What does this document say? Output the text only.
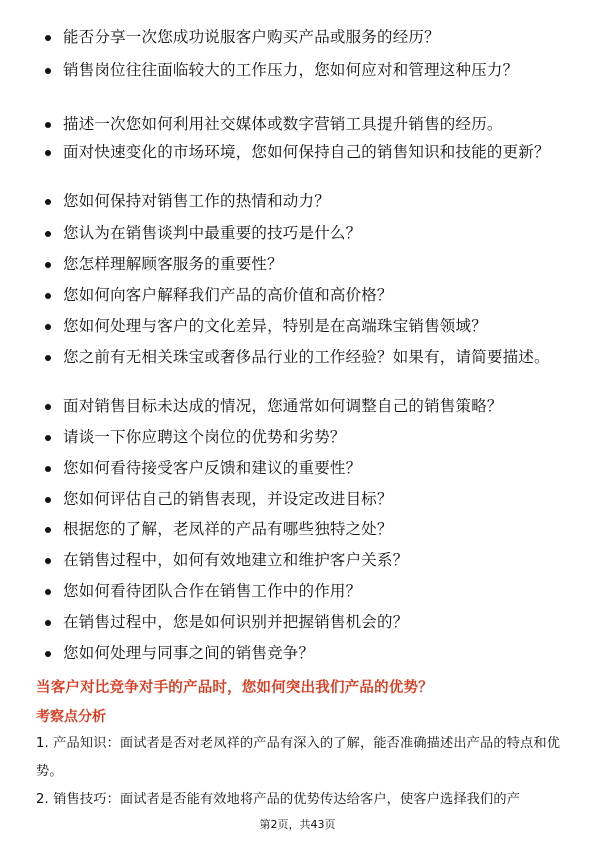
能否分享一次您成功说服客户购买产品或服务的经历？
销售岗位往往面临较大的工作压力，您如何应对和管理这种压力？
描述一次您如何利用社交媒体或数字营销工具提升销售的经历。
面对快速变化的市场环境，您如何保持自己的销售知识和技能的更新？
您如何保持对销售工作的热情和动力？
您认为在销售谈判中最重要的技巧是什么？
您怎样理解顾客服务的重要性？
您如何向客户解释我们产品的高价值和高价格？
您如何处理与客户的文化差异，特别是在高端珠宝销售领域？
您之前有无相关珠宝或奢侈品行业的工作经验？如果有，请简要描述。
面对销售目标未达成的情况，您通常如何调整自己的销售策略？
请谈一下你应聘这个岗位的优势和劣势？
您如何看待接受客户反馈和建议的重要性？
您如何评估自己的销售表现，并设定改进目标？
根据您的了解，老凤祥的产品有哪些独特之处？
在销售过程中，如何有效地建立和维护客户关系？
您如何看待团队合作在销售工作中的作用？
在销售过程中，您是如何识别并把握销售机会的？
您如何处理与同事之间的销售竞争？
当客户对比竞争对手的产品时，您如何突出我们产品的优势？
考察点分析
1. 产品知识：面试者是否对老凤祥的产品有深入的了解，能否准确描述出产品的特点和优势。
2. 销售技巧：面试者是否能有效地将产品的优势传达给客户，使客户选择我们的产
第2页，共43页
